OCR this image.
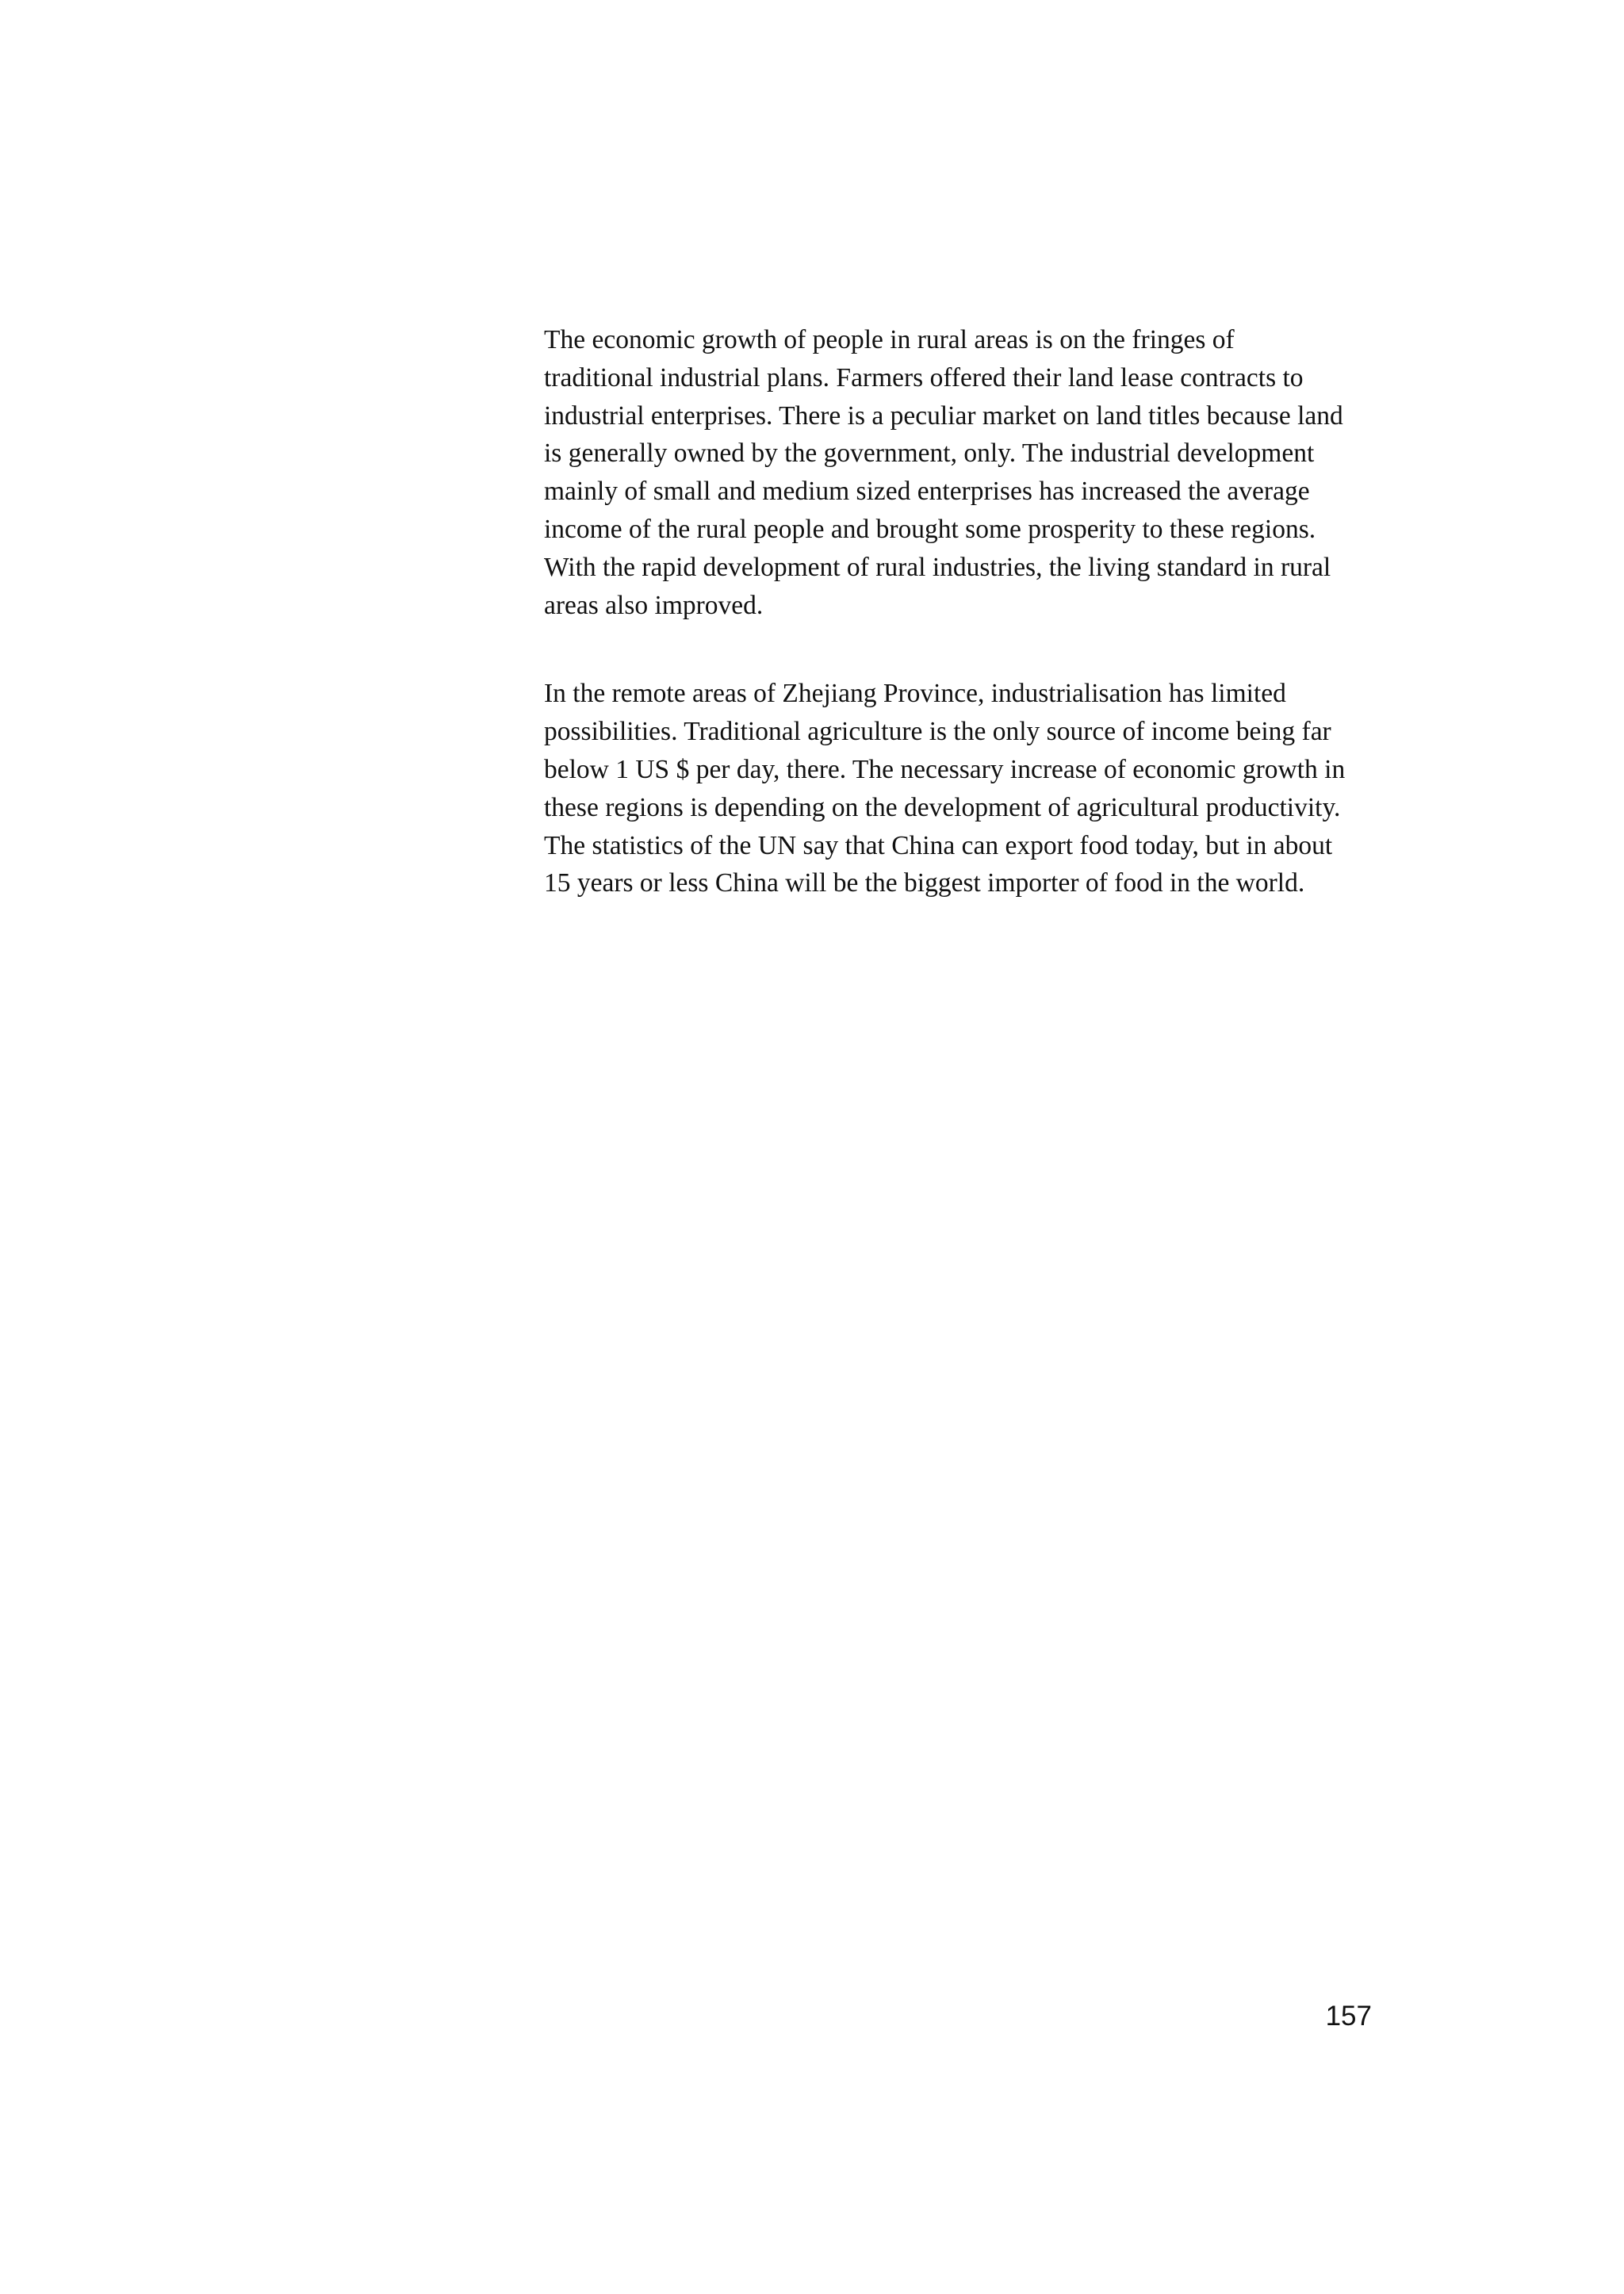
The economic growth of people in rural areas is on the fringes of
traditional industrial plans. Farmers offered their land lease contracts to
industrial enterprises. There is a peculiar market on land titles because land
is generally owned by the government, only. The industrial development
mainly of small and medium sized enterprises has increased the average
income of the rural people and brought some prosperity to these regions.
With the rapid development of rural industries, the living standard in rural
areas also improved.

In the remote areas of Zhejiang Province, industrialisation has limited
possibilities. Traditional agriculture is the only source of income being far
below 1 US $ per day, there. The necessary increase of economic growth in
these regions is depending on the development of agricultural productivity.
The statistics of the UN say that China can export food today, but in about
15 years or less China will be the biggest importer of food in the world.

157
